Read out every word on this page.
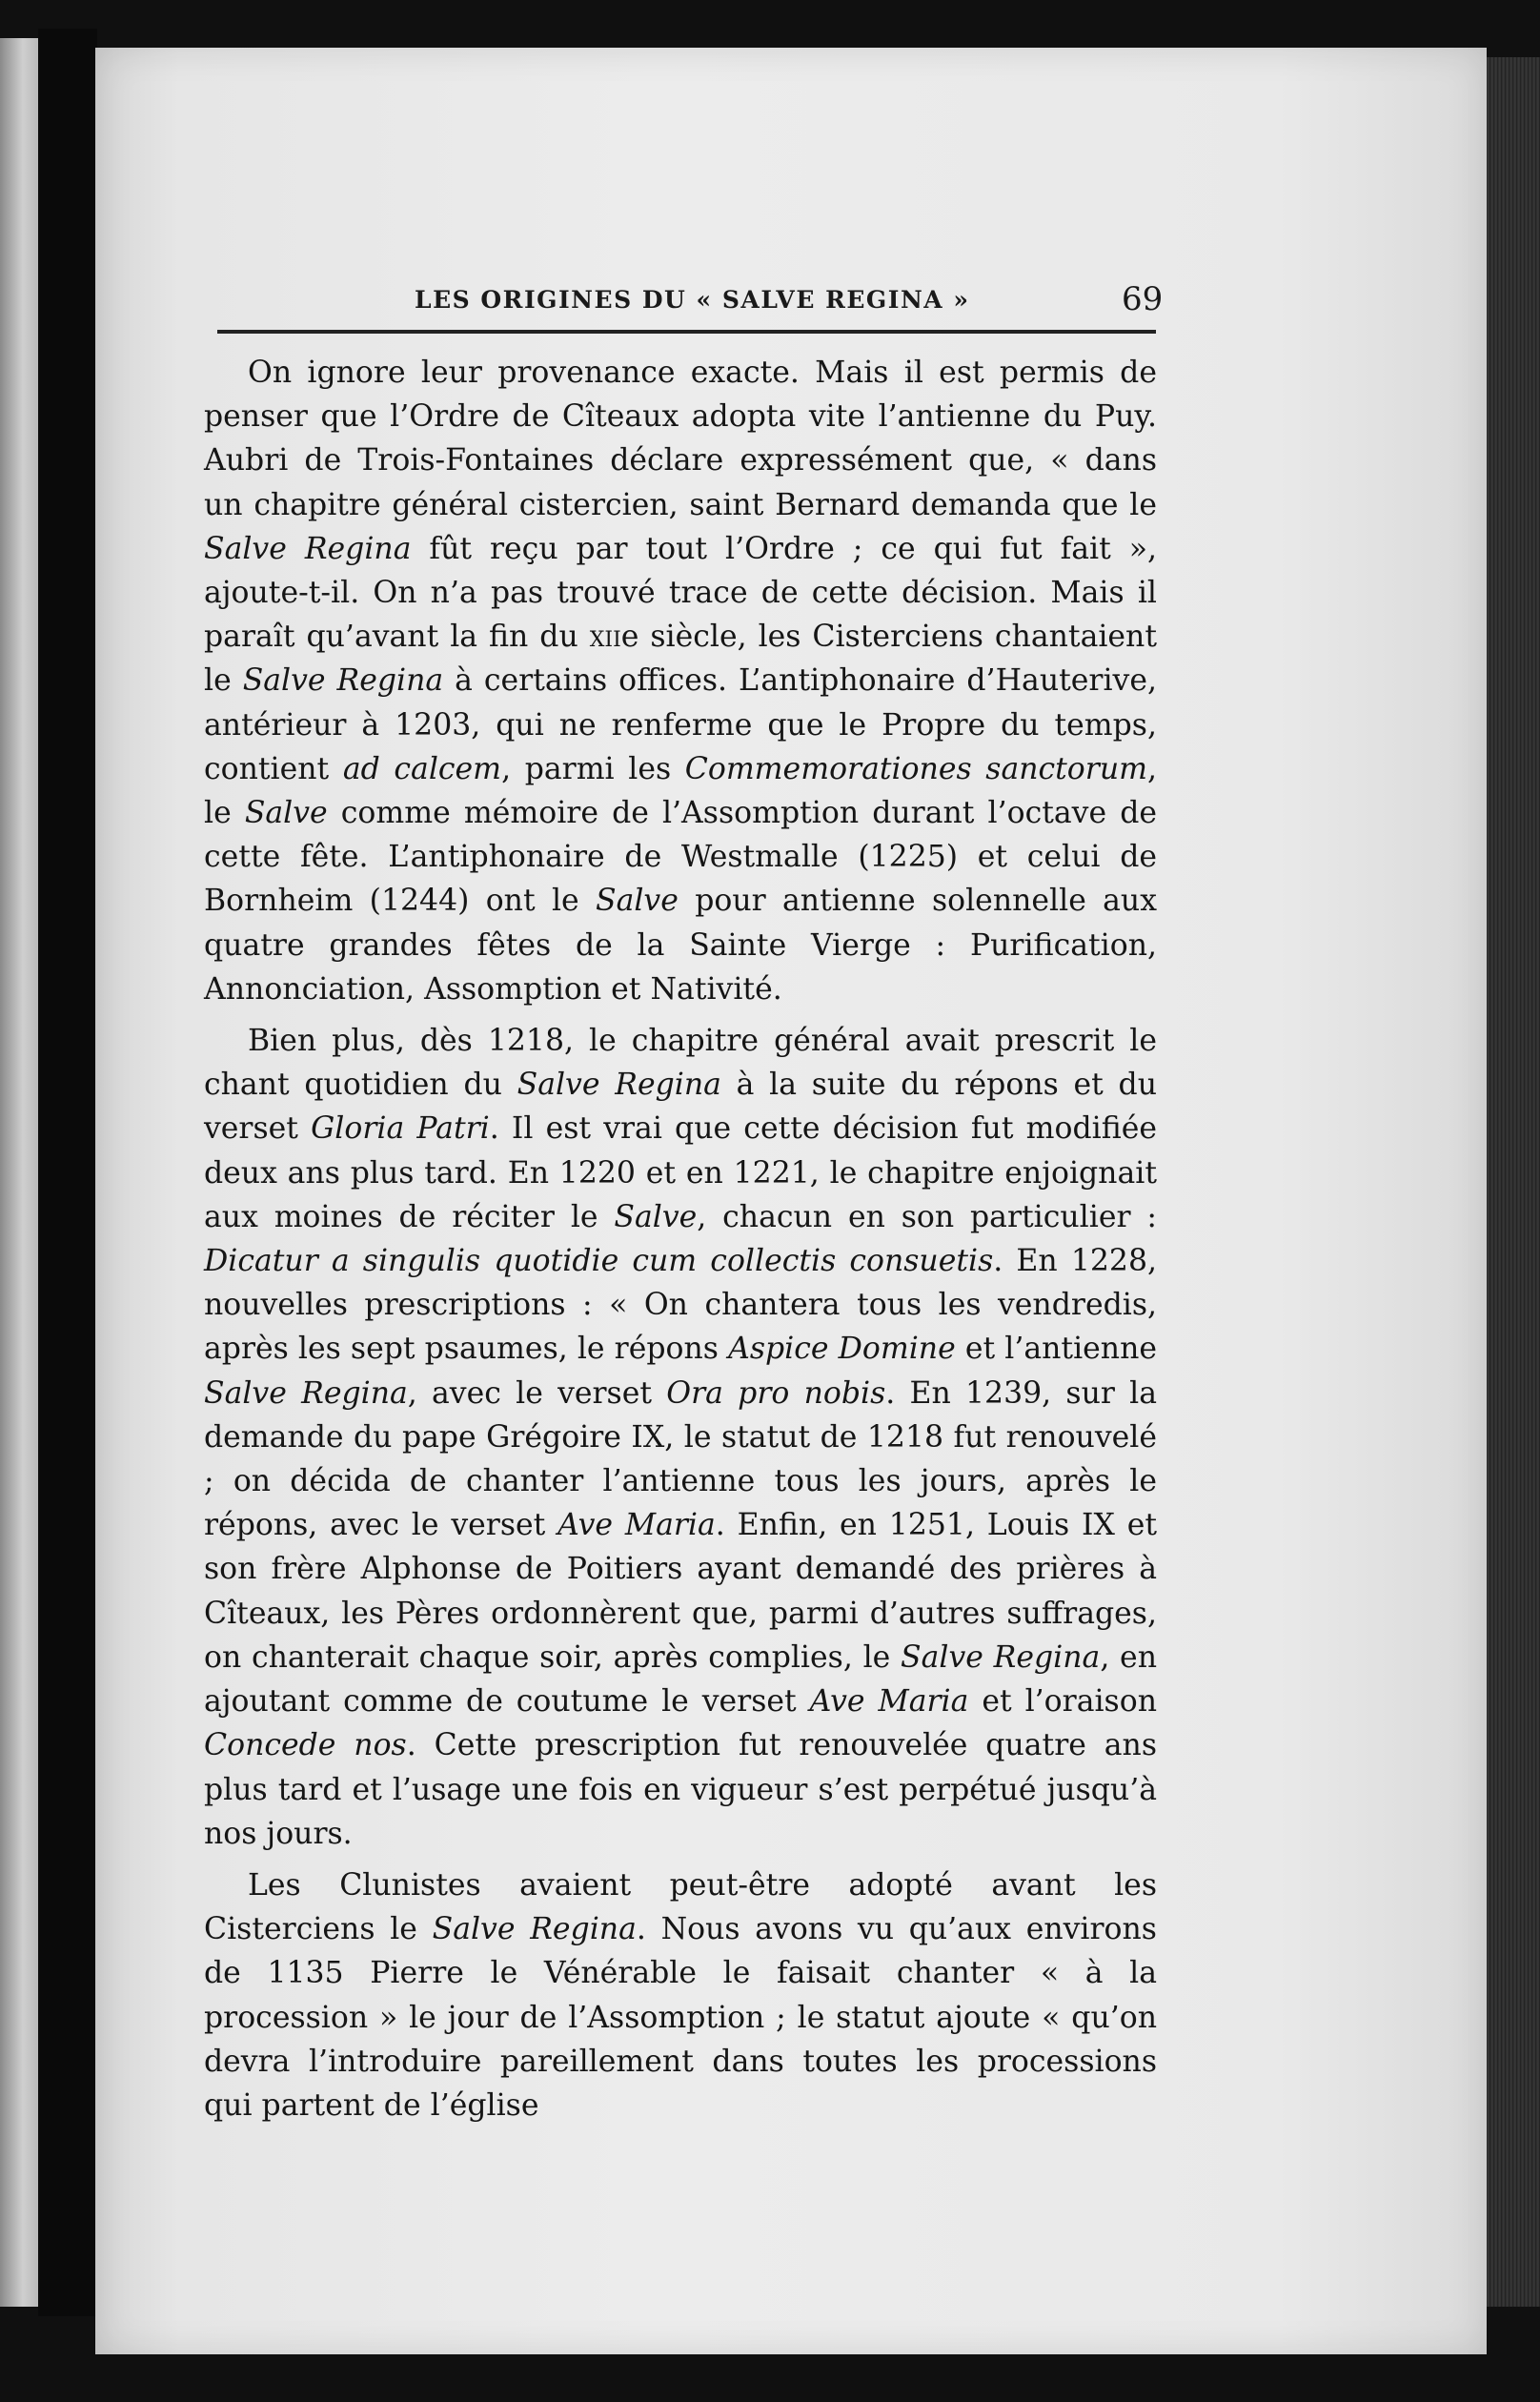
LES ORIGINES DU « SALVE REGINA »	69

On ignore leur provenance exacte. Mais il est permis de penser que l’Ordre de Cîteaux adopta vite l’antienne du Puy. Aubri de Trois-Fontaines déclare expressément que, « dans un chapitre général cistercien, saint Bernard demanda que le Salve Regina fût reçu par tout l’Ordre ; ce qui fut fait », ajoute-t-il. On n’a pas trouvé trace de cette décision. Mais il paraît qu’avant la fin du xiie siècle, les Cisterciens chantaient le Salve Regina à certains offices. L’antiphonaire d’Hauterive, antérieur à 1203, qui ne renferme que le Propre du temps, contient ad calcem, parmi les Commemorationes sanctorum, le Salve comme mémoire de l’Assomption durant l’octave de cette fête. L’antiphonaire de Westmalle (1225) et celui de Bornheim (1244) ont le Salve pour antienne solennelle aux quatre grandes fêtes de la Sainte Vierge : Purification, Annonciation, Assomption et Nativité.

Bien plus, dès 1218, le chapitre général avait prescrit le chant quotidien du Salve Regina à la suite du répons et du verset Gloria Patri. Il est vrai que cette décision fut modifiée deux ans plus tard. En 1220 et en 1221, le chapitre enjoignait aux moines de réciter le Salve, chacun en son particulier : Dicatur a singulis quotidie cum collectis consuetis. En 1228, nouvelles prescriptions : « On chantera tous les vendredis, après les sept psaumes, le répons Aspice Domine et l’antienne Salve Regina, avec le verset Ora pro nobis. En 1239, sur la demande du pape Grégoire IX, le statut de 1218 fut renouvelé ; on décida de chanter l’antienne tous les jours, après le répons, avec le verset Ave Maria. Enfin, en 1251, Louis IX et son frère Alphonse de Poitiers ayant demandé des prières à Cîteaux, les Pères ordonnèrent que, parmi d’autres suffrages, on chanterait chaque soir, après complies, le Salve Regina, en ajoutant comme de coutume le verset Ave Maria et l’oraison Concede nos. Cette prescription fut renouvelée quatre ans plus tard et l’usage une fois en vigueur s’est perpétué jusqu’à nos jours.

Les Clunistes avaient peut-être adopté avant les Cisterciens le Salve Regina. Nous avons vu qu’aux environs de 1135 Pierre le Vénérable le faisait chanter « à la procession » le jour de l’Assomption ; le statut ajoute « qu’on devra l’introduire pareillement dans toutes les processions qui partent de l’église
